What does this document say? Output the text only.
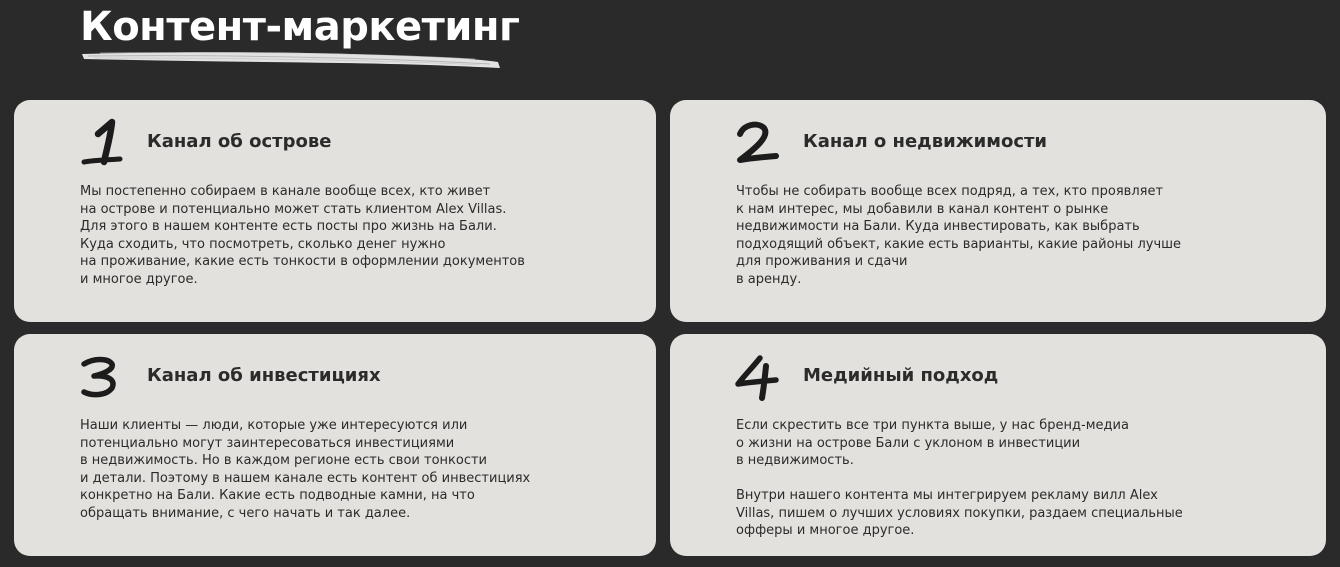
Контент-маркетинг
Канал об острове

Мы постепенно собираем в канале вообще всех, кто живет
на острове и потенциально может стать клиентом Alex Villas.
Для этого в нашем контенте есть посты про жизнь на Бали.
Куда сходить, что посмотреть, сколько денег нужно
на проживание, какие есть тонкости в оформлении документов
и многое другое.

Канал о недвижимости

Чтобы не собирать вообще всех подряд, а тех, кто проявляет
к нам интерес, мы добавили в канал контент о рынке
недвижимости на Бали. Куда инвестировать, как выбрать
подходящий объект, какие есть варианты, какие районы лучше
для проживания и сдачи
в аренду.

Канал об инвестициях

Наши клиенты — люди, которые уже интересуются или
потенциально могут заинтересоваться инвестициями
в недвижимость. Но в каждом регионе есть свои тонкости
и детали. Поэтому в нашем канале есть контент об инвестициях
конкретно на Бали. Какие есть подводные камни, на что
обращать внимание, с чего начать и так далее.

Медийный подход

Если скрестить все три пункта выше, у нас бренд-медиа
о жизни на острове Бали с уклоном в инвестиции
в недвижимость.
Внутри нашего контента мы интегрируем рекламу вилл Alex
Villas, пишем о лучших условиях покупки, раздаем специальные
офферы и многое другое.
